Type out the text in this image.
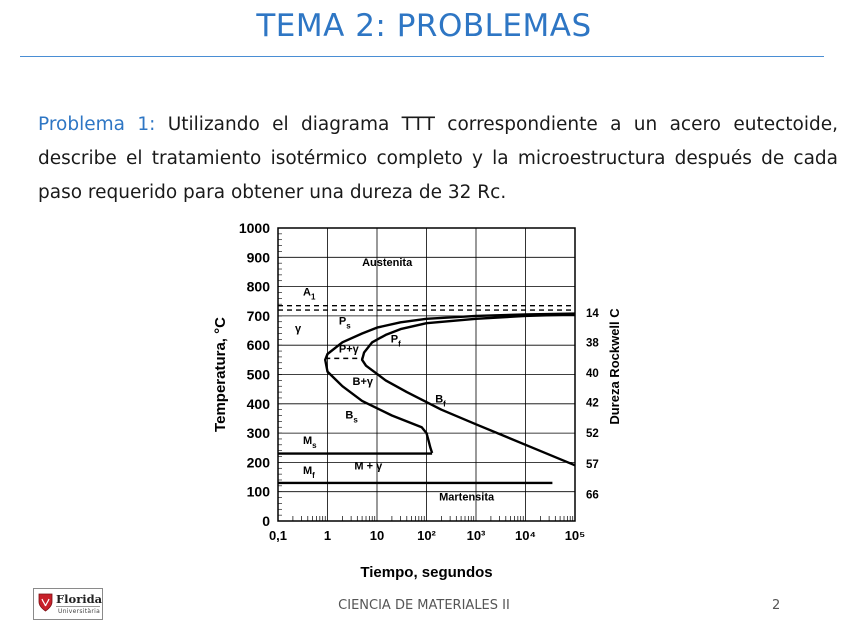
TEMA 2: PROBLEMAS
Problema 1: Utilizando el diagrama TTT correspondiente a un acero eutectoide, describe el tratamiento isotérmico completo y la microestructura después de cada paso requerido para obtener una dureza de 32 Rc.
0
100
200
300
400
500
600
700
800
900
1000
0,1	1	10	10² 10³ 10⁴ 10⁵
14
38
40
42
52
57
66
Austenita
$A_1$
γ
$P_s$
$P_f$
P+γ
B+γ
$B_f$
$B_s$
$M_s$
$M_f$
M + γ
Martensita
Temperatura, °C	Dureza Rockwell C
Tiempo, segundos
CIENCIA DE MATERIALES II	2
Florida
Universitària
